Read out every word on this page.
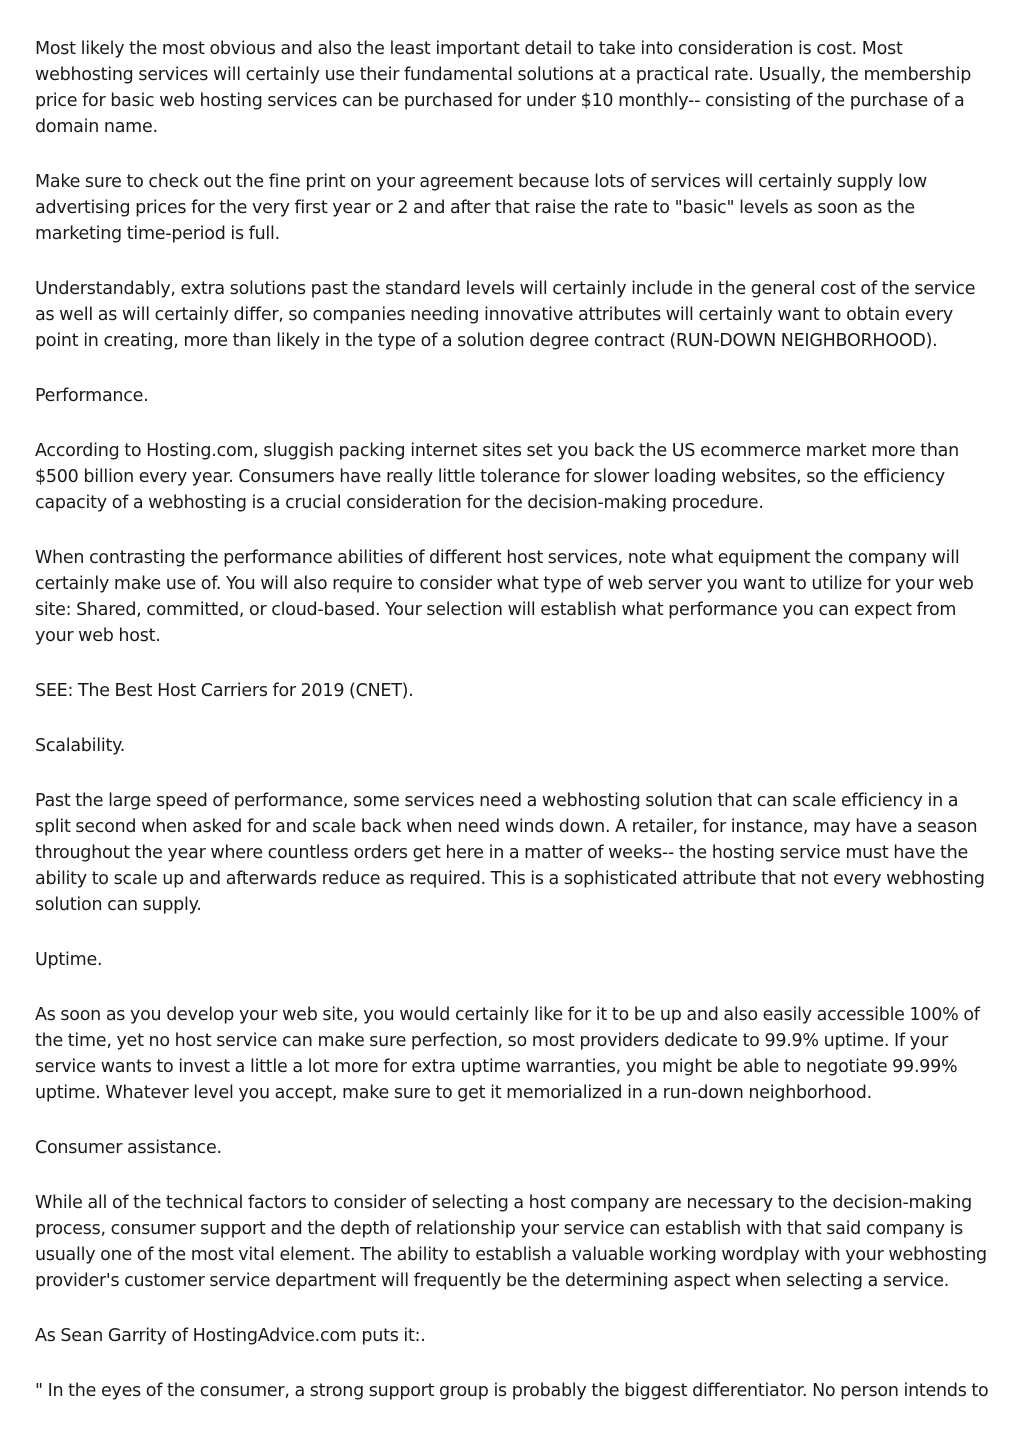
Most likely the most obvious and also the least important detail to take into consideration is cost. Most webhosting services will certainly use their fundamental solutions at a practical rate. Usually, the membership price for basic web hosting services can be purchased for under $10 monthly-- consisting of the purchase of a domain name.

Make sure to check out the fine print on your agreement because lots of services will certainly supply low advertising prices for the very first year or 2 and after that raise the rate to "basic" levels as soon as the marketing time-period is full.

Understandably, extra solutions past the standard levels will certainly include in the general cost of the service as well as will certainly differ, so companies needing innovative attributes will certainly want to obtain every point in creating, more than likely in the type of a solution degree contract (RUN-DOWN NEIGHBORHOOD).

Performance.

According to Hosting.com, sluggish packing internet sites set you back the US ecommerce market more than $500 billion every year. Consumers have really little tolerance for slower loading websites, so the efficiency capacity of a webhosting is a crucial consideration for the decision-making procedure.

When contrasting the performance abilities of different host services, note what equipment the company will certainly make use of. You will also require to consider what type of web server you want to utilize for your web site: Shared, committed, or cloud-based. Your selection will establish what performance you can expect from your web host.

SEE: The Best Host Carriers for 2019 (CNET).

Scalability.

Past the large speed of performance, some services need a webhosting solution that can scale efficiency in a split second when asked for and scale back when need winds down. A retailer, for instance, may have a season throughout the year where countless orders get here in a matter of weeks-- the hosting service must have the ability to scale up and afterwards reduce as required. This is a sophisticated attribute that not every webhosting solution can supply.

Uptime.

As soon as you develop your web site, you would certainly like for it to be up and also easily accessible 100% of the time, yet no host service can make sure perfection, so most providers dedicate to 99.9% uptime. If your service wants to invest a little a lot more for extra uptime warranties, you might be able to negotiate 99.99% uptime. Whatever level you accept, make sure to get it memorialized in a run-down neighborhood.

Consumer assistance.

While all of the technical factors to consider of selecting a host company are necessary to the decision-making process, consumer support and the depth of relationship your service can establish with that said company is usually one of the most vital element. The ability to establish a valuable working wordplay with your webhosting provider's customer service department will frequently be the determining aspect when selecting a service.

As Sean Garrity of HostingAdvice.com puts it:.

" In the eyes of the consumer, a strong support group is probably the biggest differentiator. No person intends to
